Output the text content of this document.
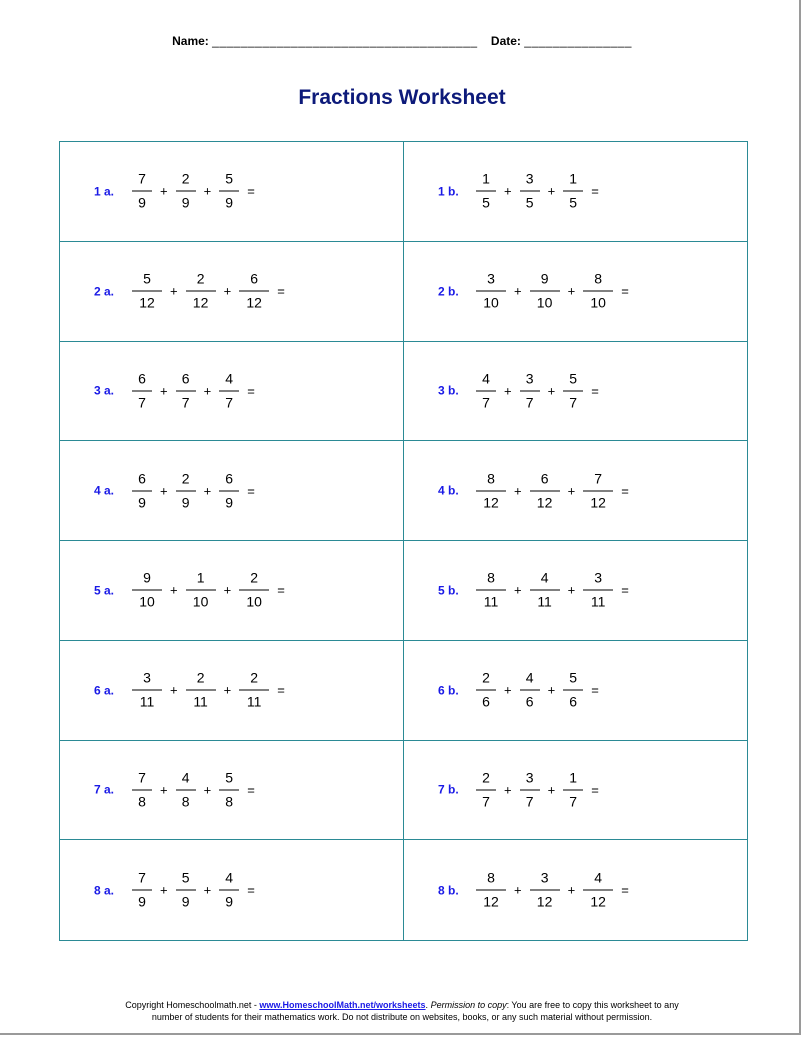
Name: _____________________________________ Date: _______________
Fractions Worksheet
1 a.	$\frac{7}{9} + \frac{2}{9} + \frac{5}{9}$ =	1 b.	$\frac{1}{5} + \frac{3}{5} + \frac{1}{5}$ =
2 a.	$\frac{5}{12} + \frac{2}{12} + \frac{6}{12}$ =	2 b.	$\frac{3}{10} + \frac{9}{10} + \frac{8}{10}$ =
3 a.	$\frac{6}{7} + \frac{6}{7} + \frac{4}{7}$ =	3 b.	$\frac{4}{7} + \frac{3}{7} + \frac{5}{7}$ =
4 a.	$\frac{6}{9} + \frac{2}{9} + \frac{6}{9}$ =	4 b.	$\frac{8}{12} + \frac{6}{12} + \frac{7}{12}$ =
5 a.	$\frac{9}{10} + \frac{1}{10} + \frac{2}{10}$ =	5 b.	$\frac{8}{11} + \frac{4}{11} + \frac{3}{11}$ =
6 a.	$\frac{3}{11} + \frac{2}{11} + \frac{2}{11}$ =	6 b.	$\frac{2}{6} + \frac{4}{6} + \frac{5}{6}$ =
7 a.	$\frac{7}{8} + \frac{4}{8} + \frac{5}{8}$ =	7 b.	$\frac{2}{7} + \frac{3}{7} + \frac{1}{7}$ =
8 a.	$\frac{7}{9} + \frac{5}{9} + \frac{4}{9}$ =	8 b.	$\frac{8}{12} + \frac{3}{12} + \frac{4}{12}$ =
Copyright Homeschoolmath.net - www.HomeschoolMath.net/worksheets. Permission to copy: You are free to copy this worksheet to any
number of students for their mathematics work. Do not distribute on websites, books, or any such material without permission.
